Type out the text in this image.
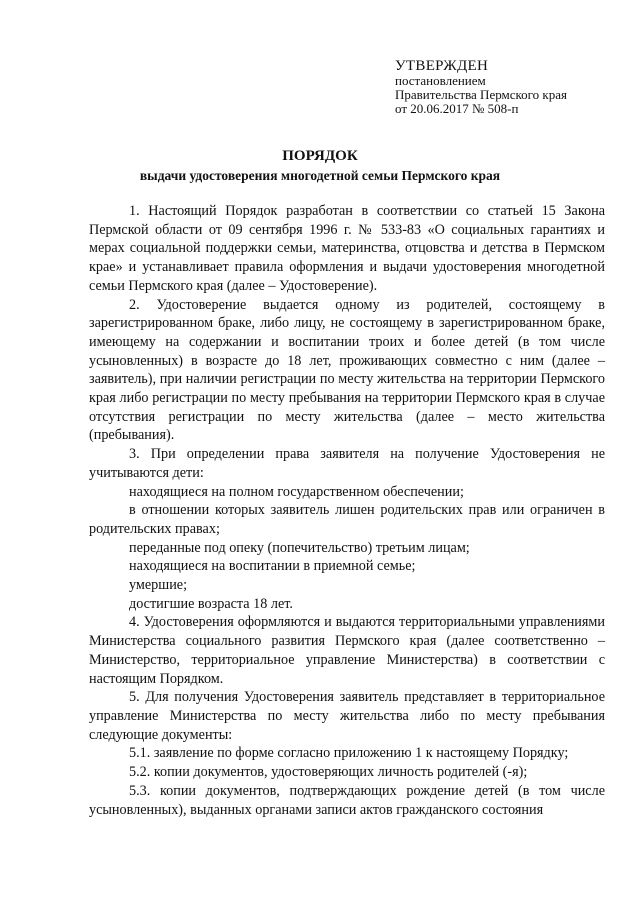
УТВЕРЖДЕН
постановлением
Правительства Пермского края
от 20.06.2017 № 508-п
ПОРЯДОК
выдачи удостоверения многодетной семьи Пермского края

1. Настоящий Порядок разработан в соответствии со статьей 15 Закона Пермской области от 09 сентября 1996 г. № 533-83 «О социальных гарантиях и мерах социальной поддержки семьи, материнства, отцовства и детства в Пермском крае» и устанавливает правила оформления и выдачи удостоверения многодетной семьи Пермского края (далее – Удостоверение).

2. Удостоверение выдается одному из родителей, состоящему в зарегистрированном браке, либо лицу, не состоящему в зарегистрированном браке, имеющему на содержании и воспитании троих и более детей (в том числе усыновленных) в возрасте до 18 лет, проживающих совместно с ним (далее – заявитель), при наличии регистрации по месту жительства на территории Пермского края либо регистрации по месту пребывания на территории Пермского края в случае отсутствия регистрации по месту жительства (далее – место жительства (пребывания).

3. При определении права заявителя на получение Удостоверения не учитываются дети:

находящиеся на полном государственном обеспечении;

в отношении которых заявитель лишен родительских прав или ограничен в родительских правах;

переданные под опеку (попечительство) третьим лицам;

находящиеся на воспитании в приемной семье;

умершие;

достигшие возраста 18 лет.

4. Удостоверения оформляются и выдаются территориальными управлениями Министерства социального развития Пермского края (далее соответственно – Министерство, территориальное управление Министерства) в соответствии с настоящим Порядком.

5. Для получения Удостоверения заявитель представляет в территориальное управление Министерства по месту жительства либо по месту пребывания следующие документы:

5.1. заявление по форме согласно приложению 1 к настоящему Порядку;

5.2. копии документов, удостоверяющих личность родителей (-я);

5.3. копии документов, подтверждающих рождение детей (в том числе усыновленных), выданных органами записи актов гражданского состояния
